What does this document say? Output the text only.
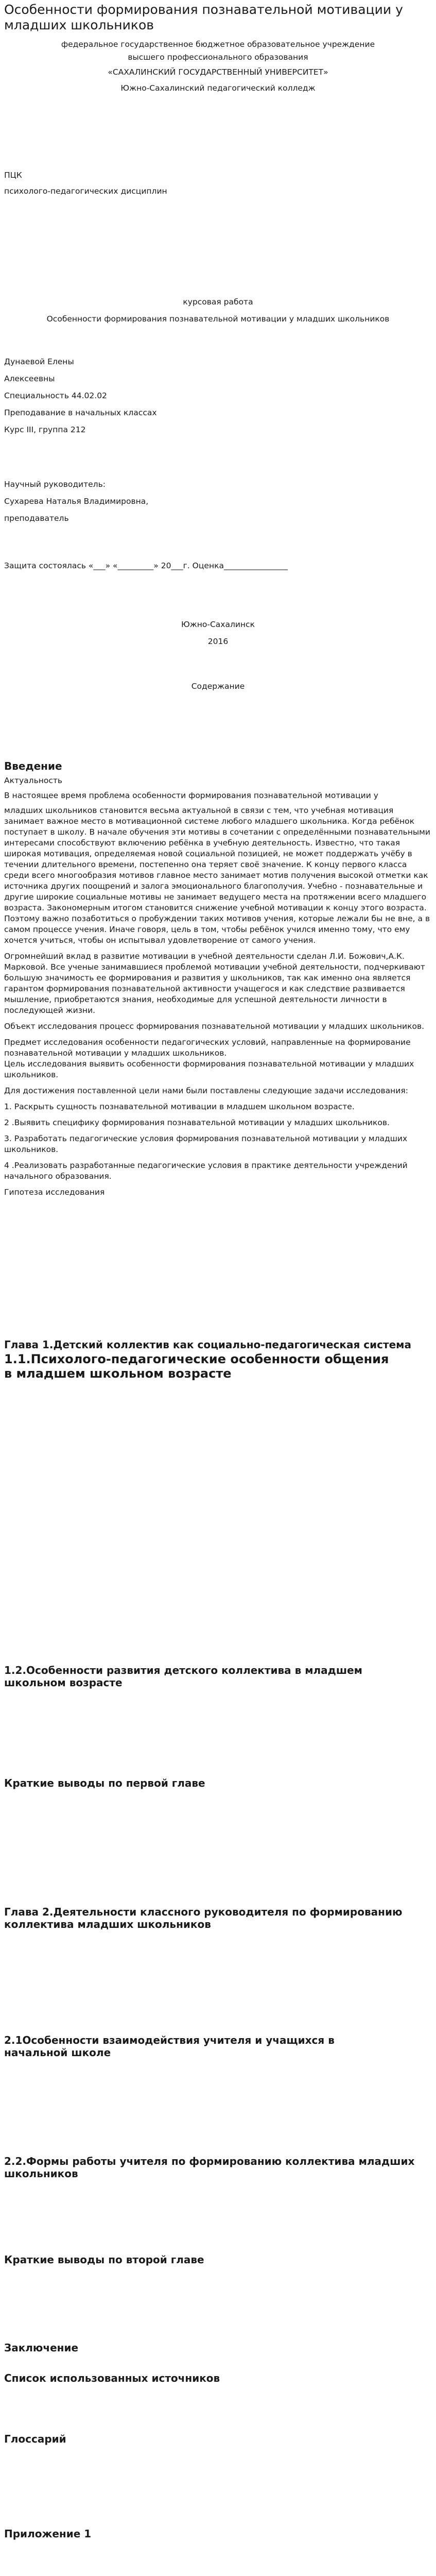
Особенности формирования познавательной мотивации у младших школьников

федеральное государственное бюджетное образовательное учреждение

высшего профессионального образования

«САХАЛИНСКИЙ ГОСУДАРСТВЕННЫЙ УНИВЕРСИТЕТ»

Южно-Сахалинский педагогический колледж

ПЦК

психолого-педагогических дисциплин

курсовая работа

Особенности формирования познавательной мотивации у младших школьников

Дунаевой Елены

Алексеевны

Специальность 44.02.02

Преподавание в начальных классах

Курс III, группа 212

Научный руководитель:

Сухарева Наталья Владимировна,

преподаватель

Защита состоялась «___» «_________» 20___г. Оценка________________

Южно-Сахалинск

2016

Содержание

Введение

Актуальность

В настоящее время проблема особенности формирования познавательной мотивации у

младших школьников становится весьма актуальной в связи с тем, что учебная мотивация занимает важное место в мотивационной системе любого младшего школьника. Когда ребёнок поступает в школу. В начале обучения эти мотивы в сочетании с определёнными познавательными интересами способствуют включению ребёнка в учебную деятельность. Известно, что такая широкая мотивация, определяемая новой социальной позицией, не может поддержать учёбу в течении длительного времени, постепенно она теряет своё значение. К концу первого класса среди всего многообразия мотивов главное место занимает мотив получения высокой отметки как источника других поощрений и залога эмоционального благополучия. Учебно - познавательные и другие широкие социальные мотивы не занимает ведущего места на протяжении всего младшего возраста. Закономерным итогом становится снижение учебной мотивации к концу этого возраста. Поэтому важно позаботиться о пробуждении таких мотивов учения, которые лежали бы не вне, а в самом процессе учения. Иначе говоря, цель в том, чтобы ребёнок учился именно тому, что ему хочется учиться, чтобы он испытывал удовлетворение от самого учения.

Огромнейший вклад в развитие мотивации в учебной деятельности сделан Л.И. Божович,А.К. Марковой. Все ученые занимавшиеся проблемой мотивации учебной деятельности, подчеркивают большую значимость ее формирования и развития у школьников, так как именно она является гарантом формирования познавательной активности учащегося и как следствие развивается мышление, приобретаются знания, необходимые для успешной деятельности личности в последующей жизни.

Объект исследования процесс формирования познавательной мотивации у младших школьников.

Предмет исследования особенности педагогических условий, направленные на формирование познавательной мотивации у младших школьников.

Цель исследования выявить особенности формирования познавательной мотивации у младших школьников.

Для достижения поставленной цели нами были поставлены следующие задачи исследования:

1. Раскрыть сущность познавательной мотивации в младшем школьном возрасте.

2 .Выявить специфику формирования познавательной мотивации у младших школьников.

3. Разработать педагогические условия формирования познавательной мотивации у младших школьников.

4 .Реализовать разработанные педагогические условия в практике деятельности учреждений начального образования.

Гипотеза исследования

Глава 1.Детский коллектив как социально-педагогическая система

1.1.Психолого-педагогические особенности общения в младшем школьном возрасте

1.2.Особенности развития детского коллектива в младшем школьном возрасте

Краткие выводы по первой главе

Глава 2.Деятельности классного руководителя по формированию коллектива младших школьников

2.1Особенности взаимодействия учителя и учащихся в начальной школе

2.2.Формы работы учителя по формированию коллектива младших школьников

Краткие выводы по второй главе

Заключение

Список использованных источников

Глоссарий

Приложение 1
